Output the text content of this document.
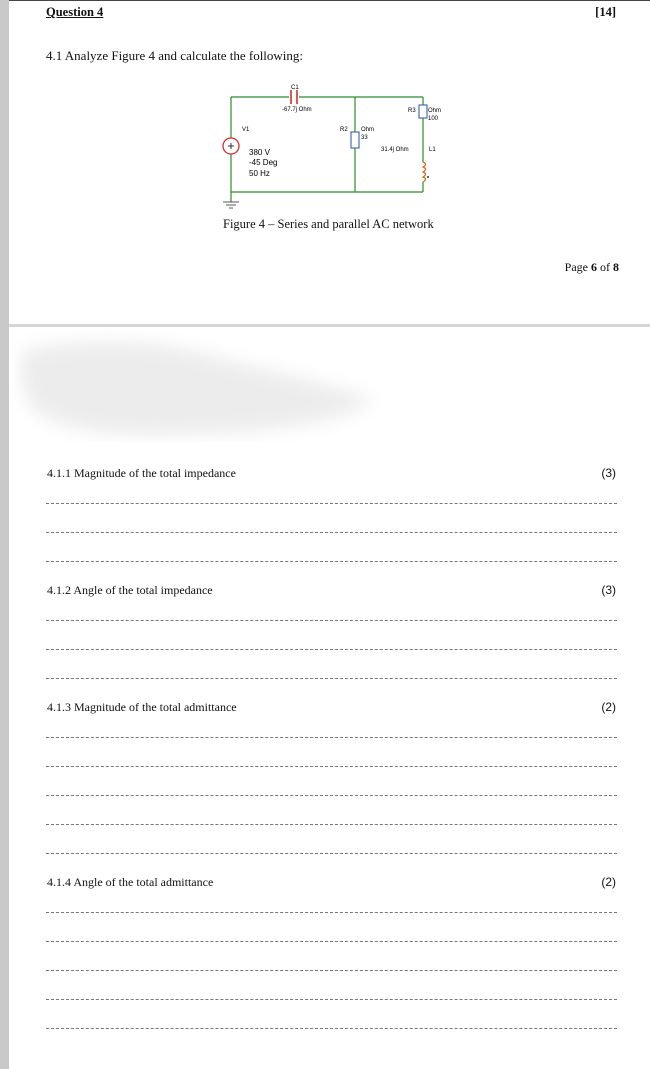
Question 4	[14]
4.1 Analyze Figure 4 and calculate the following:
C1
-67.7j Ohm
R2 Ohm
33
R3 Ohm
100
31.4j Ohm	L1
V1
380 V
-45 Deg
50 Hz
Figure 4 – Series and parallel AC network
Page 6 of 8
4.1.1 Magnitude of the total impedance	(3)
4.1.2 Angle of the total impedance	(3)
4.1.3 Magnitude of the total admittance	(2)
4.1.4 Angle of the total admittance	(2)
